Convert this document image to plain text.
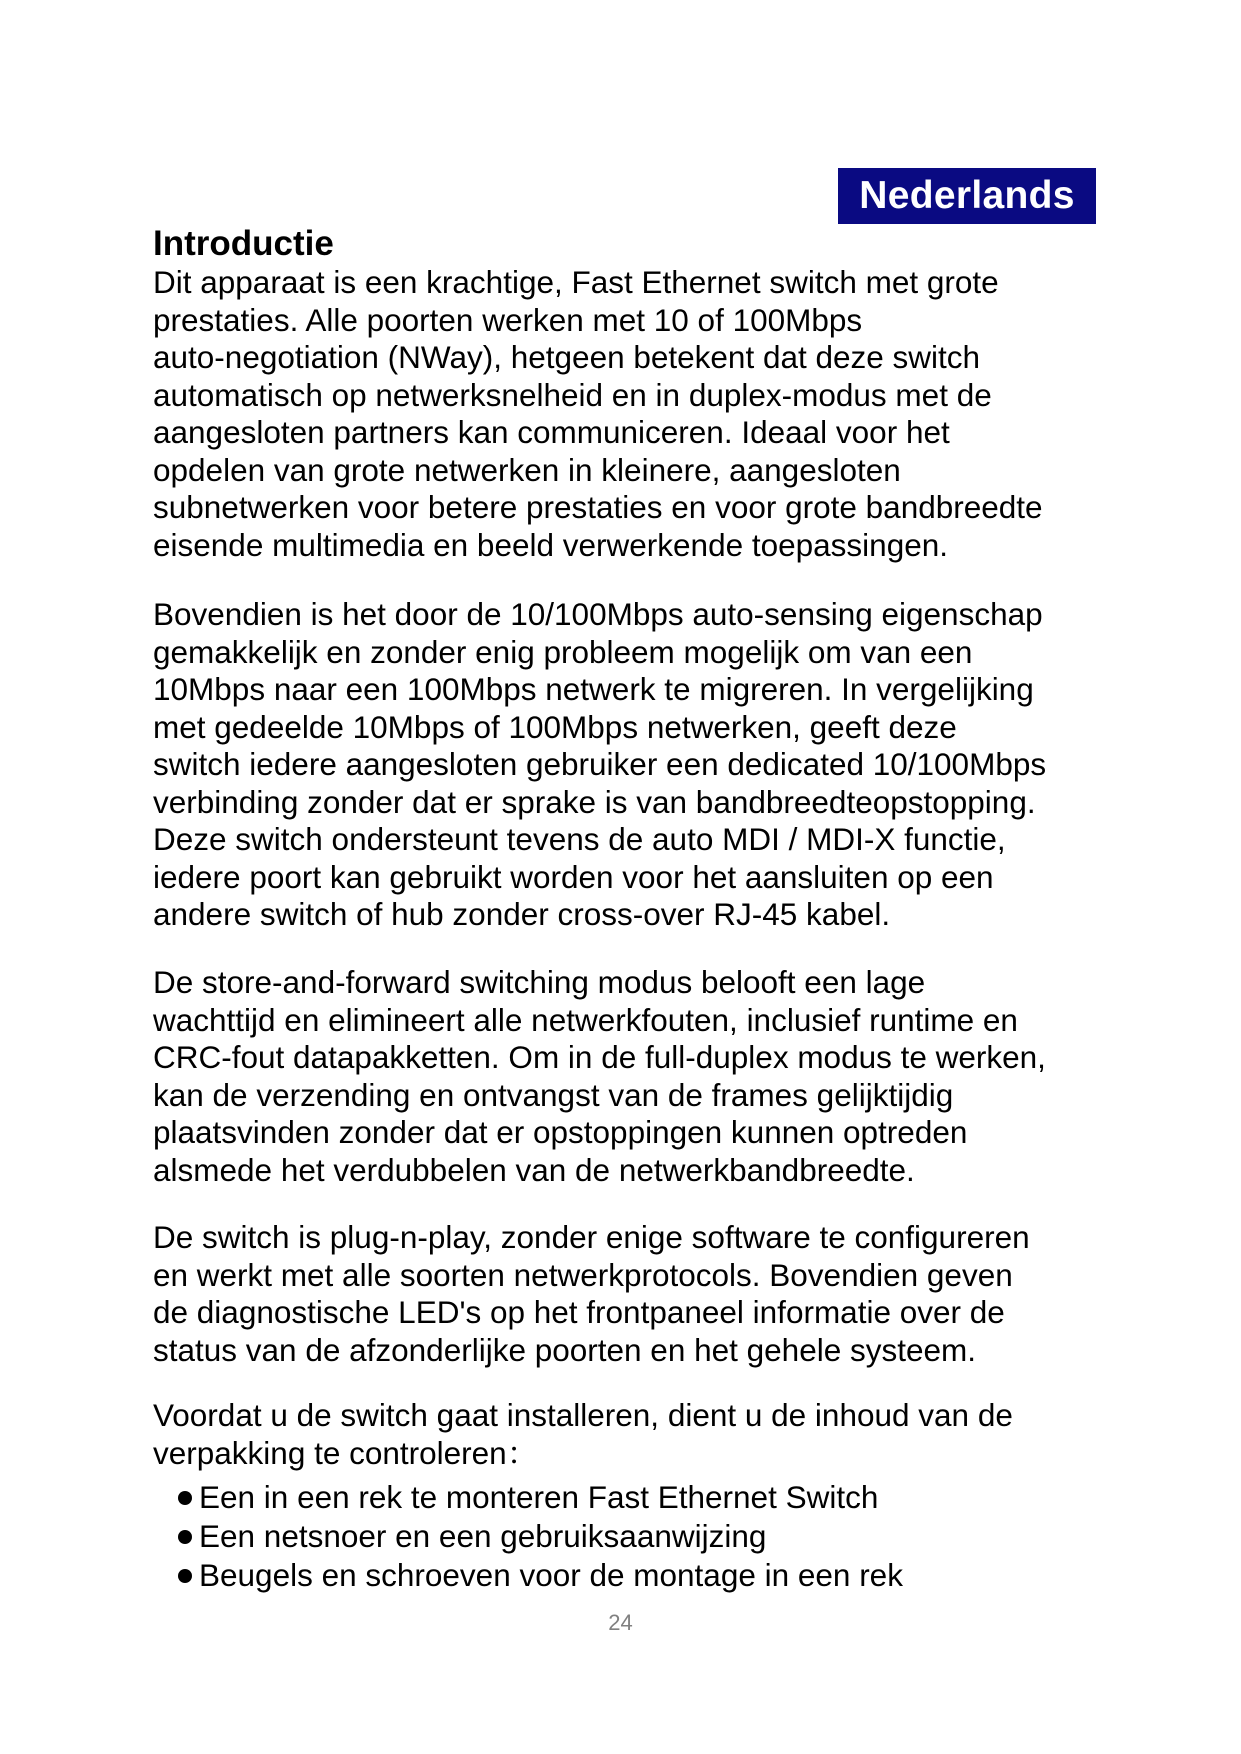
Nederlands
Introductie

Dit apparaat is een krachtige, Fast Ethernet switch met grote
prestaties. Alle poorten werken met 10 of 100Mbps
auto-negotiation (NWay), hetgeen betekent dat deze switch
automatisch op netwerksnelheid en in duplex-modus met de
aangesloten partners kan communiceren. Ideaal voor het
opdelen van grote netwerken in kleinere, aangesloten
subnetwerken voor betere prestaties en voor grote bandbreedte
eisende multimedia en beeld verwerkende toepassingen.

Bovendien is het door de 10/100Mbps auto-sensing eigenschap
gemakkelijk en zonder enig probleem mogelijk om van een
10Mbps naar een 100Mbps netwerk te migreren. In vergelijking
met gedeelde 10Mbps of 100Mbps netwerken, geeft deze
switch iedere aangesloten gebruiker een dedicated 10/100Mbps
verbinding zonder dat er sprake is van bandbreedteopstopping.
Deze switch ondersteunt tevens de auto MDI / MDI-X functie,
iedere poort kan gebruikt worden voor het aansluiten op een
andere switch of hub zonder cross-over RJ-45 kabel.

De store-and-forward switching modus belooft een lage
wachttijd en elimineert alle netwerkfouten, inclusief runtime en
CRC-fout datapakketten. Om in de full-duplex modus te werken,
kan de verzending en ontvangst van de frames gelijktijdig
plaatsvinden zonder dat er opstoppingen kunnen optreden
alsmede het verdubbelen van de netwerkbandbreedte.

De switch is plug-n-play, zonder enige software te configureren
en werkt met alle soorten netwerkprotocols. Bovendien geven
de diagnostische LED's op het frontpaneel informatie over de
status van de afzonderlijke poorten en het gehele systeem.

Voordat u de switch gaat installeren, dient u de inhoud van de
verpakking te controleren：

Een in een rek te monteren Fast Ethernet Switch
Een netsnoer en een gebruiksaanwijzing
Beugels en schroeven voor de montage in een rek
24
